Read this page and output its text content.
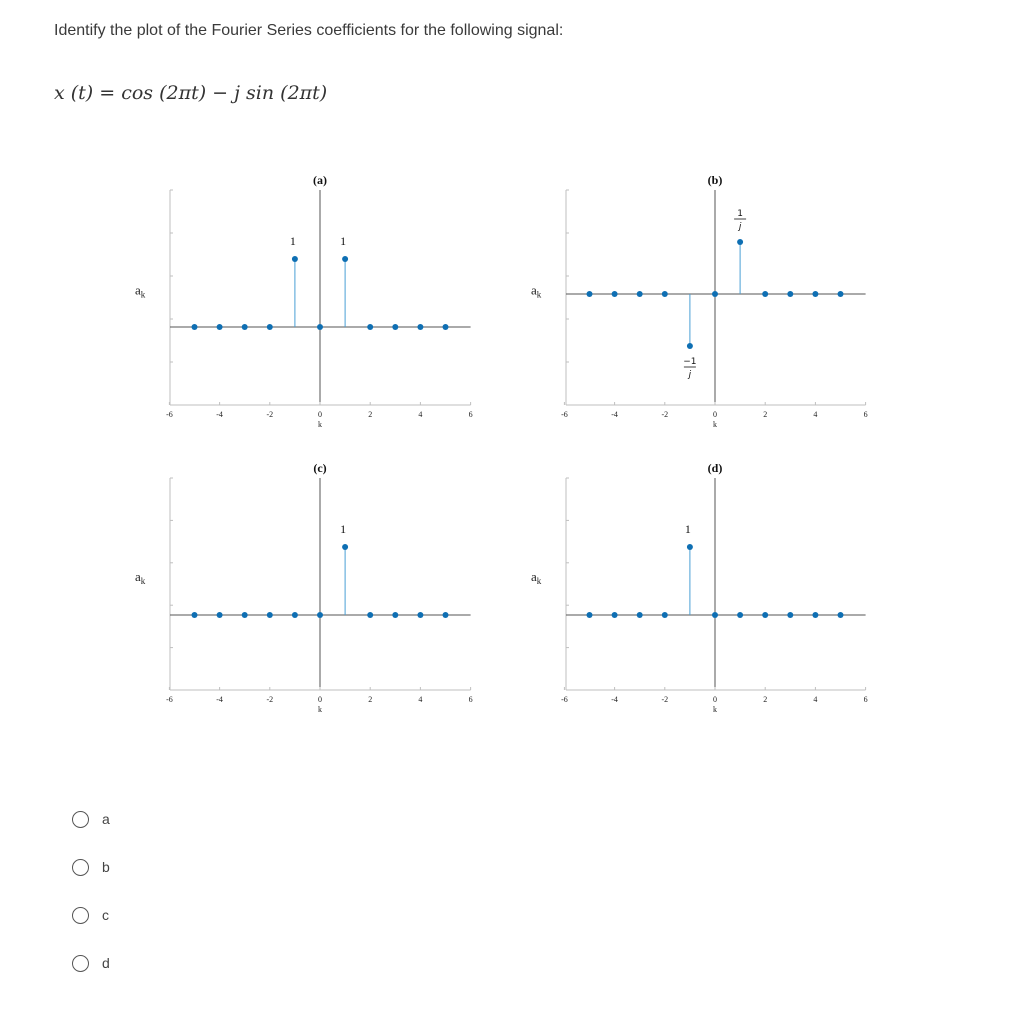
Identify the plot of the Fourier Series coefficients for the following signal:
x (t) = cos (2πt) − j sin (2πt)
(a)
$a_k$
-6	-4	-2	0	2	4	6
k
1	1
(b)
$a_k$
-6	-4	-2	0	2	4	6
k
−1
j
1
j
(c)
$a_k$
-6	-4	-2	0	2	4	6
k
1
(d)
$a_k$
-6	-4	-2	0	2	4	6
k
1
a
b
c
d
